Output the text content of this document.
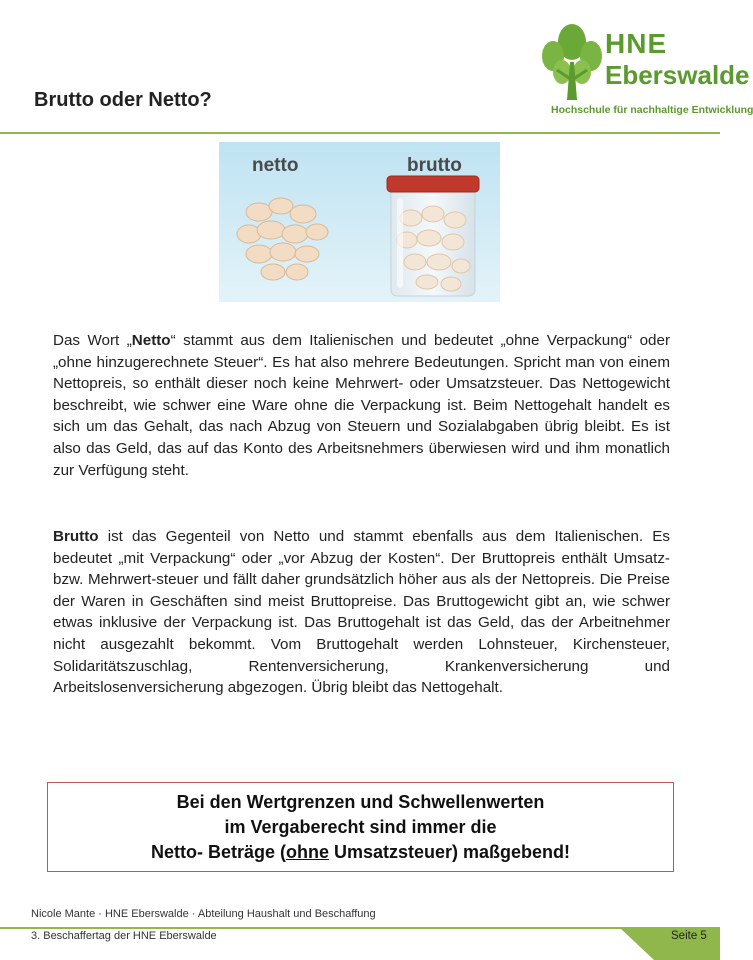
Brutto oder Netto?
HNE
Eberswalde
Hochschule für nachhaltige Entwicklung
netto	brutto

Das Wort „Netto“ stammt aus dem Italienischen und bedeutet „ohne Verpackung“ oder „ohne hinzugerechnete Steuer“. Es hat also mehrere Bedeutungen. Spricht man von einem Nettopreis, so enthält dieser noch keine Mehrwert- oder Umsatzsteuer. Das Nettogewicht beschreibt, wie schwer eine Ware ohne die Verpackung ist. Beim Nettogehalt handelt es sich um das Gehalt, das nach Abzug von Steuern und Sozialabgaben übrig bleibt. Es ist also das Geld, das auf das Konto des Arbeitsnehmers überwiesen wird und ihm monatlich zur Verfügung steht.

Brutto ist das Gegenteil von Netto und stammt ebenfalls aus dem Italienischen. Es bedeutet „mit Verpackung“ oder „vor Abzug der Kosten“. Der Bruttopreis enthält Umsatz- bzw. Mehrwert-steuer und fällt daher grundsätzlich höher aus als der Nettopreis. Die Preise der Waren in Geschäften sind meist Bruttopreise. Das Bruttogewicht gibt an, wie schwer etwas inklusive der Verpackung ist. Das Bruttogehalt ist das Geld, das der Arbeitnehmer nicht ausgezahlt bekommt. Vom Bruttogehalt werden Lohnsteuer, Kirchensteuer, Solidaritätszuschlag, Rentenversicherung, Krankenversicherung und Arbeitslosenversicherung abgezogen. Übrig bleibt das Nettogehalt.

Bei den Wertgrenzen und Schwellenwerten
im Vergaberecht sind immer die
Netto- Beträge (ohne Umsatzsteuer) maßgebend!
Nicole Mante · HNE Eberswalde · Abteilung Haushalt und Beschaffung
3. Beschaffertag der HNE Eberswalde	Seite 5
